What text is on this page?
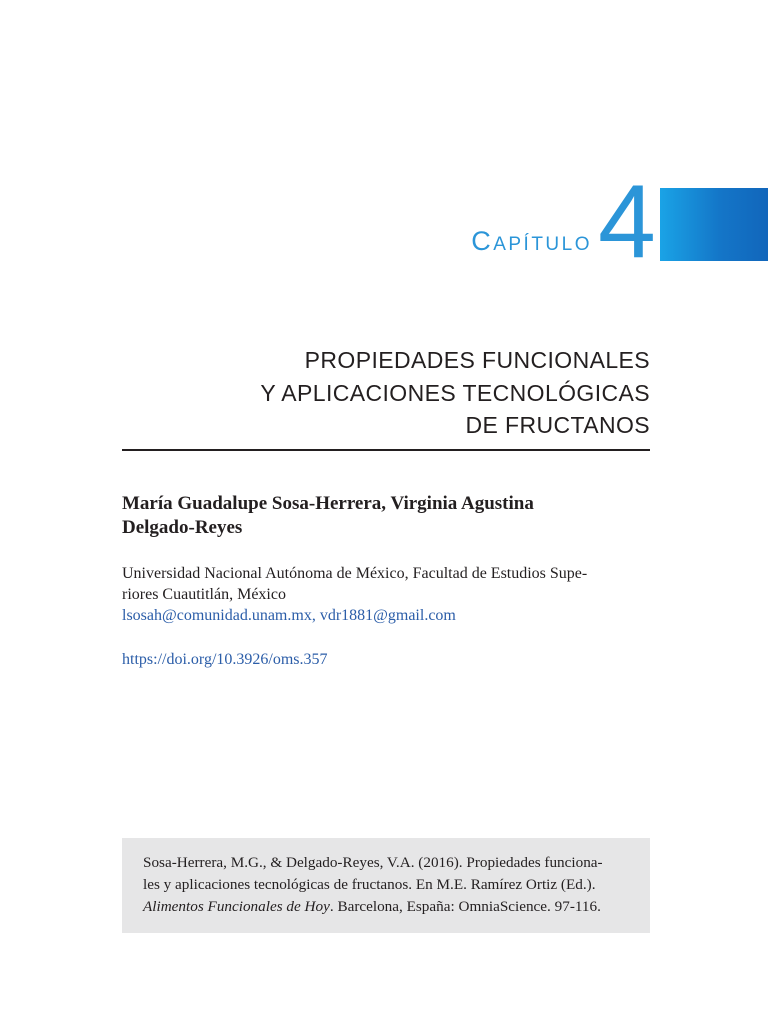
Capítulo 4
PROPIEDADES FUNCIONALES
Y APLICACIONES TECNOLÓGICAS
DE FRUCTANOS
María Guadalupe Sosa-Herrera, Virginia Agustina
Delgado-Reyes
Universidad Nacional Autónoma de México, Facultad de Estudios Supe-
riores Cuautitlán, México
lsosah@comunidad.unam.mx, vdr1881@gmail.com
https://doi.org/10.3926/oms.357
Sosa-Herrera, M.G., & Delgado-Reyes, V.A. (2016). Propiedades funciona-
les y aplicaciones tecnológicas de fructanos. En M.E. Ramírez Ortiz (Ed.).
Alimentos Funcionales de Hoy. Barcelona, España: OmniaScience. 97-116.
